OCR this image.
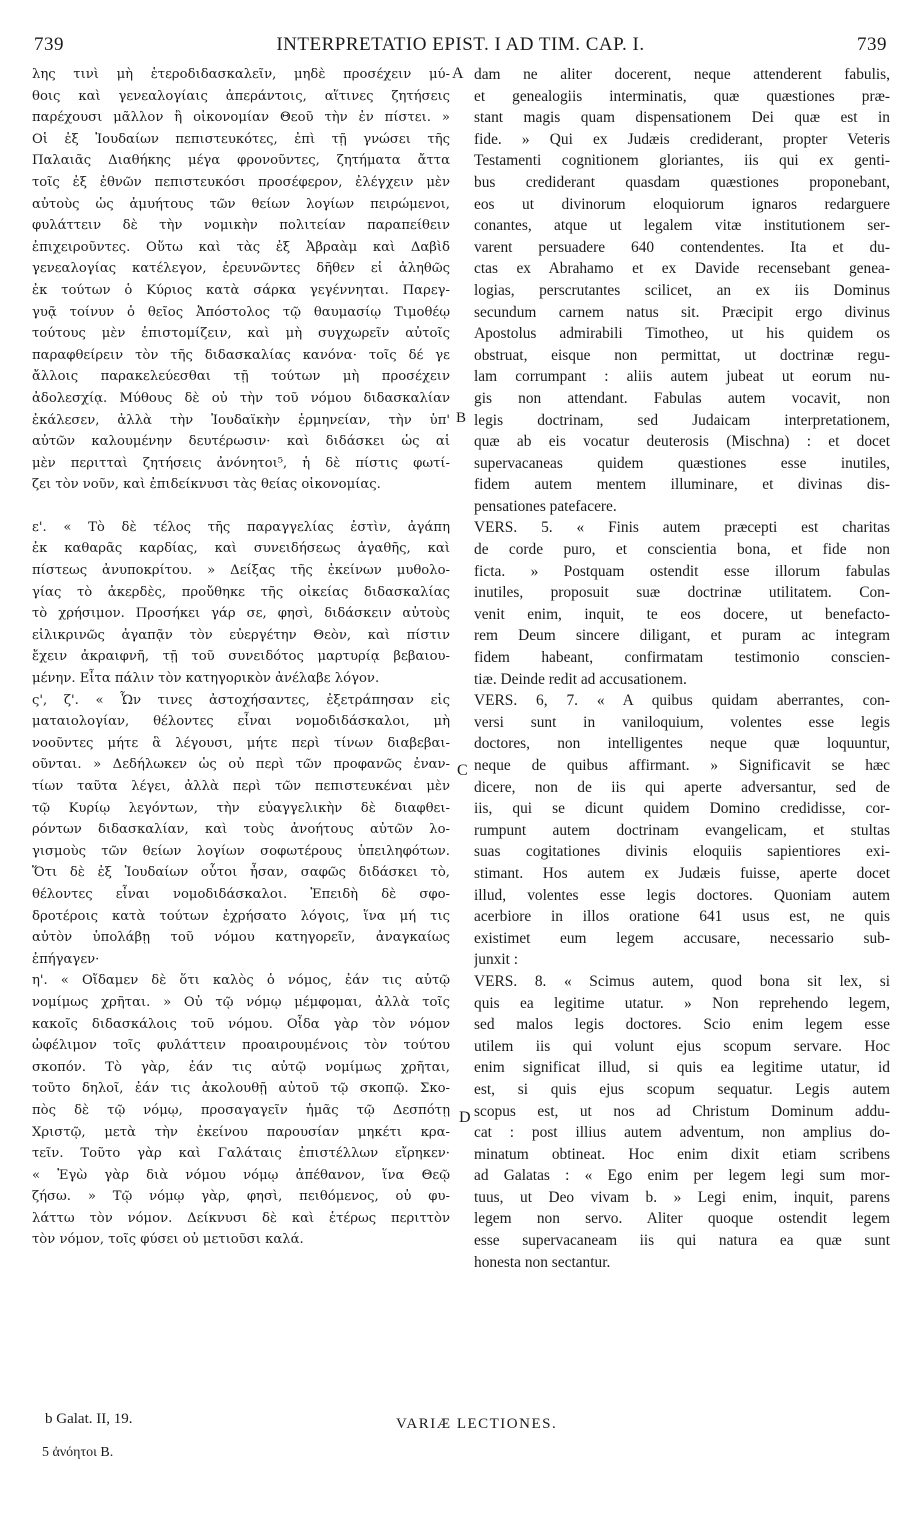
739	INTERPRETATIO EPIST. I AD TIM. CAP. I.	739
A
B
C
D
λης τινὶ μὴ ἑτεροδιδασκαλεῖν, μηδὲ προσέχειν μύ-
θοις καὶ γενεαλογίαις ἀπεράντοις, αἵτινες ζητήσεις
παρέχουσι μᾶλλον ἢ οἰκονομίαν Θεοῦ τὴν ἐν πίστει. »
Οἱ ἐξ Ἰουδαίων πεπιστευκότες, ἐπὶ τῇ γνώσει τῆς
Παλαιᾶς Διαθήκης μέγα φρονοῦντες, ζητήματα ἄττα
τοῖς ἐξ ἐθνῶν πεπιστευκόσι προσέφερον, ἐλέγχειν μὲν
αὐτοὺς ὡς ἀμυήτους τῶν θείων λογίων πειρώμενοι,
φυλάττειν δὲ τὴν νομικὴν πολιτείαν παραπείθειν
ἐπιχειροῦντες. Οὕτω καὶ τὰς ἐξ Ἀβραὰμ καὶ Δαβὶδ
γενεαλογίας κατέλεγον, ἐρευνῶντες δῆθεν εἰ ἀληθῶς
ἐκ τούτων ὁ Κύριος κατὰ σάρκα γεγέννηται. Παρεγ-
γυᾷ τοίνυν ὁ θεῖος Ἀπόστολος τῷ θαυμασίῳ Τιμοθέῳ
τούτους μὲν ἐπιστομίζειν, καὶ μὴ συγχωρεῖν αὐτοῖς
παραφθείρειν τὸν τῆς διδασκαλίας κανόνα· τοῖς δέ γε
ἄλλοις παρακελεύεσθαι τῇ τούτων μὴ προσέχειν
ἀδολεσχίᾳ. Μύθους δὲ οὐ τὴν τοῦ νόμου διδασκαλίαν
ἐκάλεσεν, ἀλλὰ τὴν Ἰουδαϊκὴν ἑρμηνείαν, τὴν ὑπ'
αὐτῶν καλουμένην δευτέρωσιν· καὶ διδάσκει ὡς αἱ
μὲν περιτταὶ ζητήσεις ἀνόνητοι⁵, ἡ δὲ πίστις φωτί-
ζει τὸν νοῦν, καὶ ἐπιδείκνυσι τὰς θείας οἰκονομίας.
ε'. « Τὸ δὲ τέλος τῆς παραγγελίας ἐστὶν, ἀγάπη
ἐκ καθαρᾶς καρδίας, καὶ συνειδήσεως ἀγαθῆς, καὶ
πίστεως ἀνυποκρίτου. » Δείξας τῆς ἐκείνων μυθολο-
γίας τὸ ἀκερδὲς, προὔθηκε τῆς οἰκείας διδασκαλίας
τὸ χρήσιμον. Προσήκει γάρ σε, φησὶ, διδάσκειν αὐτοὺς
εἰλικρινῶς ἀγαπᾷν τὸν εὐεργέτην Θεὸν, καὶ πίστιν
ἔχειν ἀκραιφνῆ, τῇ τοῦ συνειδότος μαρτυρίᾳ βεβαιου-
μένην. Εἶτα πάλιν τὸν κατηγορικὸν ἀνέλαβε λόγον.
ς', ζ'. « Ὧν τινες ἀστοχήσαντες, ἐξετράπησαν εἰς
ματαιολογίαν, θέλοντες εἶναι νομοδιδάσκαλοι, μὴ
νοοῦντες μήτε ἃ λέγουσι, μήτε περὶ τίνων διαβεβαι-
οῦνται. » Δεδήλωκεν ὡς οὐ περὶ τῶν προφανῶς ἐναν-
τίων ταῦτα λέγει, ἀλλὰ περὶ τῶν πεπιστευκέναι μὲν
τῷ Κυρίῳ λεγόντων, τὴν εὐαγγελικὴν δὲ διαφθει-
ρόντων διδασκαλίαν, καὶ τοὺς ἀνοήτους αὐτῶν λο-
γισμοὺς τῶν θείων λογίων σοφωτέρους ὑπειληφότων.
Ὅτι δὲ ἐξ Ἰουδαίων οὗτοι ἦσαν, σαφῶς διδάσκει τὸ,
θέλοντες εἶναι νομοδιδάσκαλοι. Ἐπειδὴ δὲ σφο-
δροτέροις κατὰ τούτων ἐχρήσατο λόγοις, ἵνα μή τις
αὐτὸν ὑπολάβῃ τοῦ νόμου κατηγορεῖν, ἀναγκαίως
ἐπήγαγεν·
η'. « Οἴδαμεν δὲ ὅτι καλὸς ὁ νόμος, ἐάν τις αὐτῷ
νομίμως χρῆται. » Οὐ τῷ νόμῳ μέμφομαι, ἀλλὰ τοῖς
κακοῖς διδασκάλοις τοῦ νόμου. Οἶδα γὰρ τὸν νόμον
ὠφέλιμον τοῖς φυλάττειν προαιρουμένοις τὸν τούτου
σκοπόν. Τὸ γὰρ, ἐάν τις αὐτῷ νομίμως χρῆται,
τοῦτο δηλοῖ, ἐάν τις ἀκολουθῇ αὐτοῦ τῷ σκοπῷ. Σκο-
πὸς δὲ τῷ νόμῳ, προσαγαγεῖν ἡμᾶς τῷ Δεσπότῃ
Χριστῷ, μετὰ τὴν ἐκείνου παρουσίαν μηκέτι κρα-
τεῖν. Τοῦτο γὰρ καὶ Γαλάταις ἐπιστέλλων εἴρηκεν·
« Ἐγὼ γὰρ διὰ νόμου νόμῳ ἀπέθανον, ἵνα Θεῷ
ζήσω. » Τῷ νόμῳ γὰρ, φησὶ, πειθόμενος, οὐ φυ-
λάττω τὸν νόμον. Δείκνυσι δὲ καὶ ἑτέρως περιττὸν
τὸν νόμον, τοῖς φύσει οὐ μετιοῦσι καλά.
dam ne aliter docerent, neque attenderent fabulis,
et genealogiis interminatis, quæ quæstiones præ-
stant magis quam dispensationem Dei quæ est in
fide. » Qui ex Judæis crediderant, propter Veteris
Testamenti cognitionem gloriantes, iis qui ex genti-
bus crediderant quasdam quæstiones proponebant,
eos ut divinorum eloquiorum ignaros redarguere
conantes, atque ut legalem vitæ institutionem ser-
varent persuadere 640 contendentes. Ita et du-
ctas ex Abrahamo et ex Davide recensebant genea-
logias, perscrutantes scilicet, an ex iis Dominus
secundum carnem natus sit. Præcipit ergo divinus
Apostolus admirabili Timotheo, ut his quidem os
obstruat, eisque non permittat, ut doctrinæ regu-
lam corrumpant : aliis autem jubeat ut eorum nu-
gis non attendant. Fabulas autem vocavit, non
legis doctrinam, sed Judaicam interpretationem,
quæ ab eis vocatur deuterosis (Mischna) : et docet
supervacaneas quidem quæstiones esse inutiles,
fidem autem mentem illuminare, et divinas dis-
pensationes patefacere.
VERS. 5. « Finis autem præcepti est charitas
de corde puro, et conscientia bona, et fide non
ficta. » Postquam ostendit esse illorum fabulas
inutiles, proposuit suæ doctrinæ utilitatem. Con-
venit enim, inquit, te eos docere, ut benefacto-
rem Deum sincere diligant, et puram ac integram
fidem habeant, confirmatam testimonio conscien-
tiæ. Deinde redit ad accusationem.
VERS. 6, 7. « A quibus quidam aberrantes, con-
versi sunt in vaniloquium, volentes esse legis
doctores, non intelligentes neque quæ loquuntur,
neque de quibus affirmant. » Significavit se hæc
dicere, non de iis qui aperte adversantur, sed de
iis, qui se dicunt quidem Domino credidisse, cor-
rumpunt autem doctrinam evangelicam, et stultas
suas cogitationes divinis eloquiis sapientiores exi-
stimant. Hos autem ex Judæis fuisse, aperte docet
illud, volentes esse legis doctores. Quoniam autem
acerbiore in illos oratione 641 usus est, ne quis
existimet eum legem accusare, necessario sub-
junxit :
VERS. 8. « Scimus autem, quod bona sit lex, si
quis ea legitime utatur. » Non reprehendo legem,
sed malos legis doctores. Scio enim legem esse
utilem iis qui volunt ejus scopum servare. Hoc
enim significat illud, si quis ea legitime utatur, id
est, si quis ejus scopum sequatur. Legis autem
scopus est, ut nos ad Christum Dominum addu-
cat : post illius autem adventum, non amplius do-
minatum obtineat. Hoc enim dixit etiam scribens
ad Galatas : « Ego enim per legem legi sum mor-
tuus, ut Deo vivam b. » Legi enim, inquit, parens
legem non servo. Aliter quoque ostendit legem
esse supervacaneam iis qui natura ea quæ sunt
honesta non sectantur.
b Galat. II, 19.	VARIÆ LECTIONES.
5 ἀνόητοι B.
